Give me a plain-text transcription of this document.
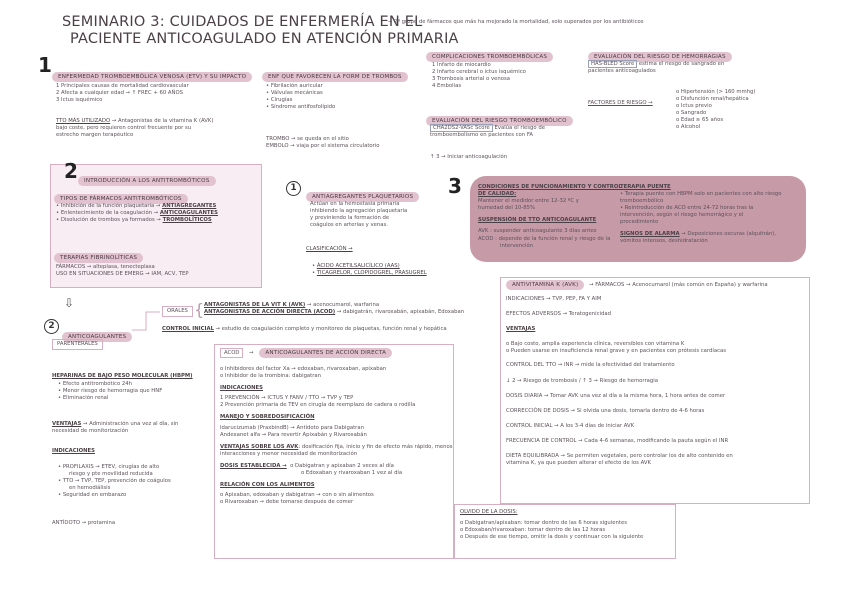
SEMINARIO 3: CUIDADOS DE ENFERMERÍA EN EL
PACIENTE ANTICOAGULADO EN ATENCIÓN PRIMARIA
→ 2º grupo de fármacos que más ha mejorado la mortalidad, solo superados por los antibióticos
1	ENFERMEDAD TROMBOEMBÓLICA VENOSA (ETV) Y SU IMPACTO
1 Principales causas de mortalidad cardiovascular
2 Afecta a cualquier edad → ↑ FREC + 60 AÑOS
3 Ictus isquémico
TTO MÁS UTILIZADO → Antagonistas de la vitamina K (AVK)
bajo coste, pero requieren control frecuente por su
estrecho margen terapéutico
ENF QUE FAVORECEN LA FORM DE TROMBOS
• Fibrilación auricular
• Válvulas mecánicas
• Cirugías
• Síndrome antifosfolípido
TROMBO → se queda en el sitio
EMBOLO → viaja por el sistema circulatorio
COMPLICACIONES TROMBOEMBÓLICAS
1 Infarto de miocardio
2 Infarto cerebral o ictus isquémico
3 Trombosis arterial o venosa
4 Embolias
EVALUACIÓN DEL RIESGO TROMBOEMBÓLICO
CHA2DS2-VASc Score Evalúa el riesgo de
tromboembolismo en pacientes con FA
↑ 3 → Iniciar anticoagulación
EVALUACIÓN DEL RIESGO DE HEMORRAGIAS
HAS-BLED Score estima el riesgo de sangrado en
pacientes anticoagulados
FACTORES DE RIESGO →
o Hipertensión (> 160 mmhg)
o Disfunción renal/hepática
o Ictus previo
o Sangrado
o Edad ≥ 65 años
o Alcohol
2	INTRODUCCIÓN A LOS ANTITROMBÓTICOS
TIPOS DE FÁRMACOS ANTITROMBÓTICOS
• Inhibición de la función plaquetaria → ANTIAGREGANTES
• Enlentecimiento de la coagulación → ANTICOAGULANTES
• Disolución de trombos ya formados → TROMBOLÍTICOS
TERAPIAS FIBRINOLÍTICAS
FÁRMACOS → alteplasa, tenecteplasa
USO EN SITUACIONES DE EMERG → IAM, ACV, TEP
1
ANTIAGREGANTES PLAQUETARIOS
Actúan en la hemostasia primaria
inhibiendo la agregación plaquetaria
y previniendo la formación de
coágulos en arterias y venas.
CLASIFICACIÓN →
• ÁCIDO ACETILSALICÍLICO (AAS)
• TICAGRELOR, CLOPIDOGREL, PRASUGREL
3	CONDICIONES DE FUNCIONAMIENTO Y CONTROL DE CALIDAD:
Mantener el medidor entre 12-32 ºC y
humedad del 10-85%
SUSPENSIÓN DE TTO ANTICOAGULANTE
AVK : suspender anticoagulante 3 días antes
ACOD : depende de la función renal y riesgo de la
intervención
TERAPIA PUENTE
• Terapia puente con HBPM solo en pacientes con alto riesgo
tromboembólico
• Reintroducción de ACO entre 24-72 horas tras la
intervención, según el riesgo hemorrágico y el
procedimiento
SIGNOS DE ALARMA → Deposiciones oscuras (alquitrán),
vómitos intensos, deshidratación
⇩
2
ANTICOAGULANTES
PARENTERALES
ORALES { ANTAGONISTAS DE LA VIT K (AVK) → acenocumarol, warfarina
ANTAGONISTAS DE ACCIÓN DIRECTA (ACOD) → dabigatrán, rivaroxabán, apixabán, Edoxaban
CONTROL INICIAL → estudio de coagulación completo y monitoreo de plaquetas, función renal y hepática
HEPARINAS DE BAJO PESO MOLECULAR (HBPM)
• Efecto antitrombótico 24h
• Menor riesgo de hemorragia que HNF
• Eliminación renal
VENTAJAS → Administración una vez al día, sin
necesidad de monitorización
INDICACIONES
• PROFILAXIS → ETEV, cirugías de alto
riesgo y pte movilidad reducida
• TTO → TVP, TEP, prevención de coágulos
en hemodiálisis
• Seguridad en embarazo
ANTÍDOTO → protamina
ACOD → ANTICOAGULANTES DE ACCIÓN DIRECTA
o Inhibidores del factor Xa → edoxaban, rivaroxaban, apixaban
o Inhibidor de la trombina: dabigatran
INDICACIONES
1 PREVENCIÓN → ICTUS Y FANV / TTO → TVP y TEP
2 Prevención primaria de TEV en cirugía de reemplazo de cadera o rodilla
MANEJO Y SOBREDOSIFICACIÓN
Idarucizumab (PraxbindB) → Antídoto para Dabigatran
Andexanet alfa → Para revertir Apixabán y Rivaroxabán
VENTAJAS SOBRE LOS AVK: dosificación fija, inicio y fin de efecto más rápido, menos
interacciones y menor necesidad de monitorización
DOSIS ESTABLECIDA → o Dabigatran y apixaban 2 veces al día
o Edoxaban y rivaroxaban 1 vez al día
RELACIÓN CON LOS ALIMENTOS
o Apixaban, edoxaban y dabigatran → con o sin alimentos
o Rivaroxaban → debe tomarse después de comer
OLVIDO DE LA DOSIS:
o Dabigatran/apixaban: tomar dentro de las 6 horas siguientes
o Edoxaban/rivaroxaban: tomar dentro de las 12 horas
o Después de ese tiempo, omitir la dosis y continuar con la siguiente
ANTIVITAMINA K (AVK) → FÁRMACOS → Acenocumarol (más común en España) y warfarina
INDICACIONES → TVP, PEP, FA Y AIM
EFECTOS ADVERSOS → Teratogenicidad
VENTAJAS
o Bajo costo, amplia experiencia clínica, reversibles con vitamina K
o Pueden usarse en insuficiencia renal grave y en pacientes con prótesis cardíacas
CONTROL DEL TTO → INR → mide la efectividad del tratamiento
↓ 2 → Riesgo de trombosis / ↑ 3 → Riesgo de hemorragia
DOSIS DIARIA → Tomar AVK una vez al día a la misma hora, 1 hora antes de comer
CORRECCIÓN DE DOSIS → Si olvida una dosis, tomarla dentro de 4-6 horas
CONTROL INICIAL → A los 3-4 días de iniciar AVK
FRECUENCIA DE CONTROL → Cada 4-6 semanas, modificando la pauta según el INR
DIETA EQUILIBRADA → Se permiten vegetales, pero controlar los de alto contenido en
vitamina K, ya que pueden alterar el efecto de los AVK
